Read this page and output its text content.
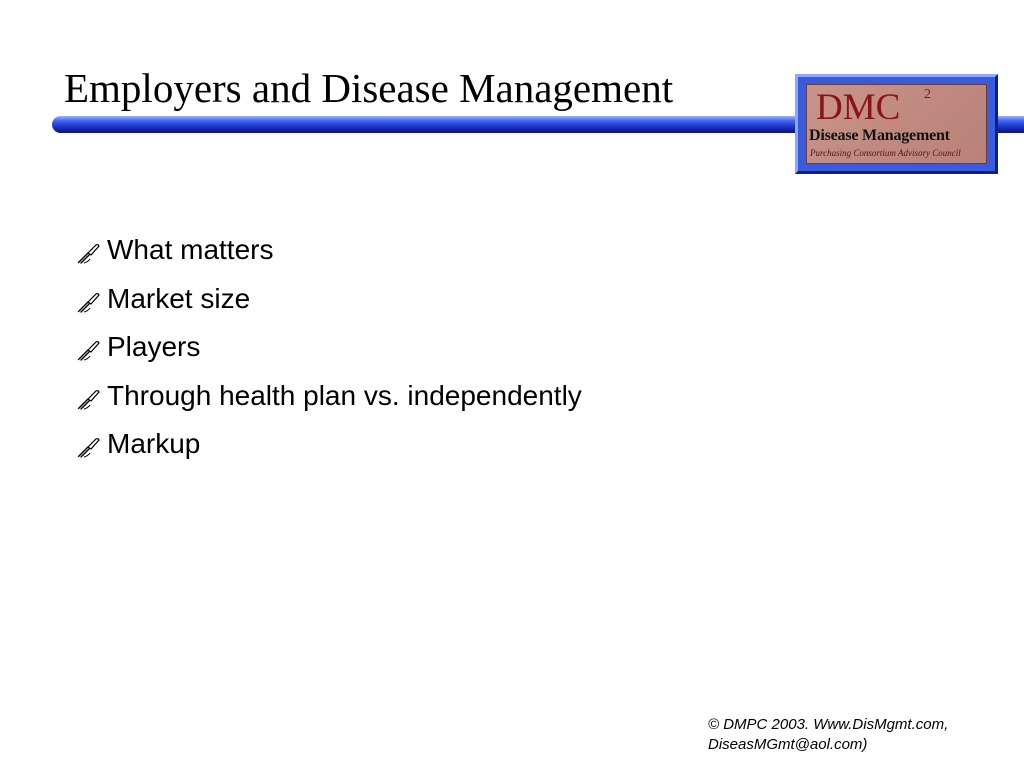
Employers and Disease Management	DMC 2
Disease Management
Purchasing Consortium Advisory Council
What matters
Market size
Players
Through health plan vs. independently
Markup
© DMPC 2003. Www.DisMgmt.com,
DiseasMGmt@aol.com)
